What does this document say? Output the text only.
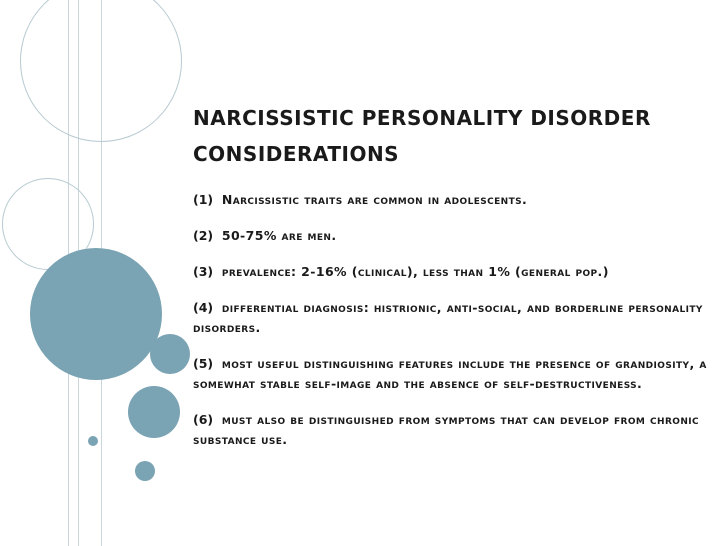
NARCISSISTIC PERSONALITY DISORDER
CONSIDERATIONS
(1) Narcissistic traits are common in adolescents.
(2) 50-75% are men.
(3) prevalence: 2-16% (clinical), less than 1% (general pop.)
(4) differential diagnosis: histrionic, anti-social, and borderline personality disorders.
(5) most useful distinguishing features include the presence of grandiosity, a somewhat stable self-image and the absence of self-destructiveness.
(6) must also be distinguished from symptoms that can develop from chronic substance use.
